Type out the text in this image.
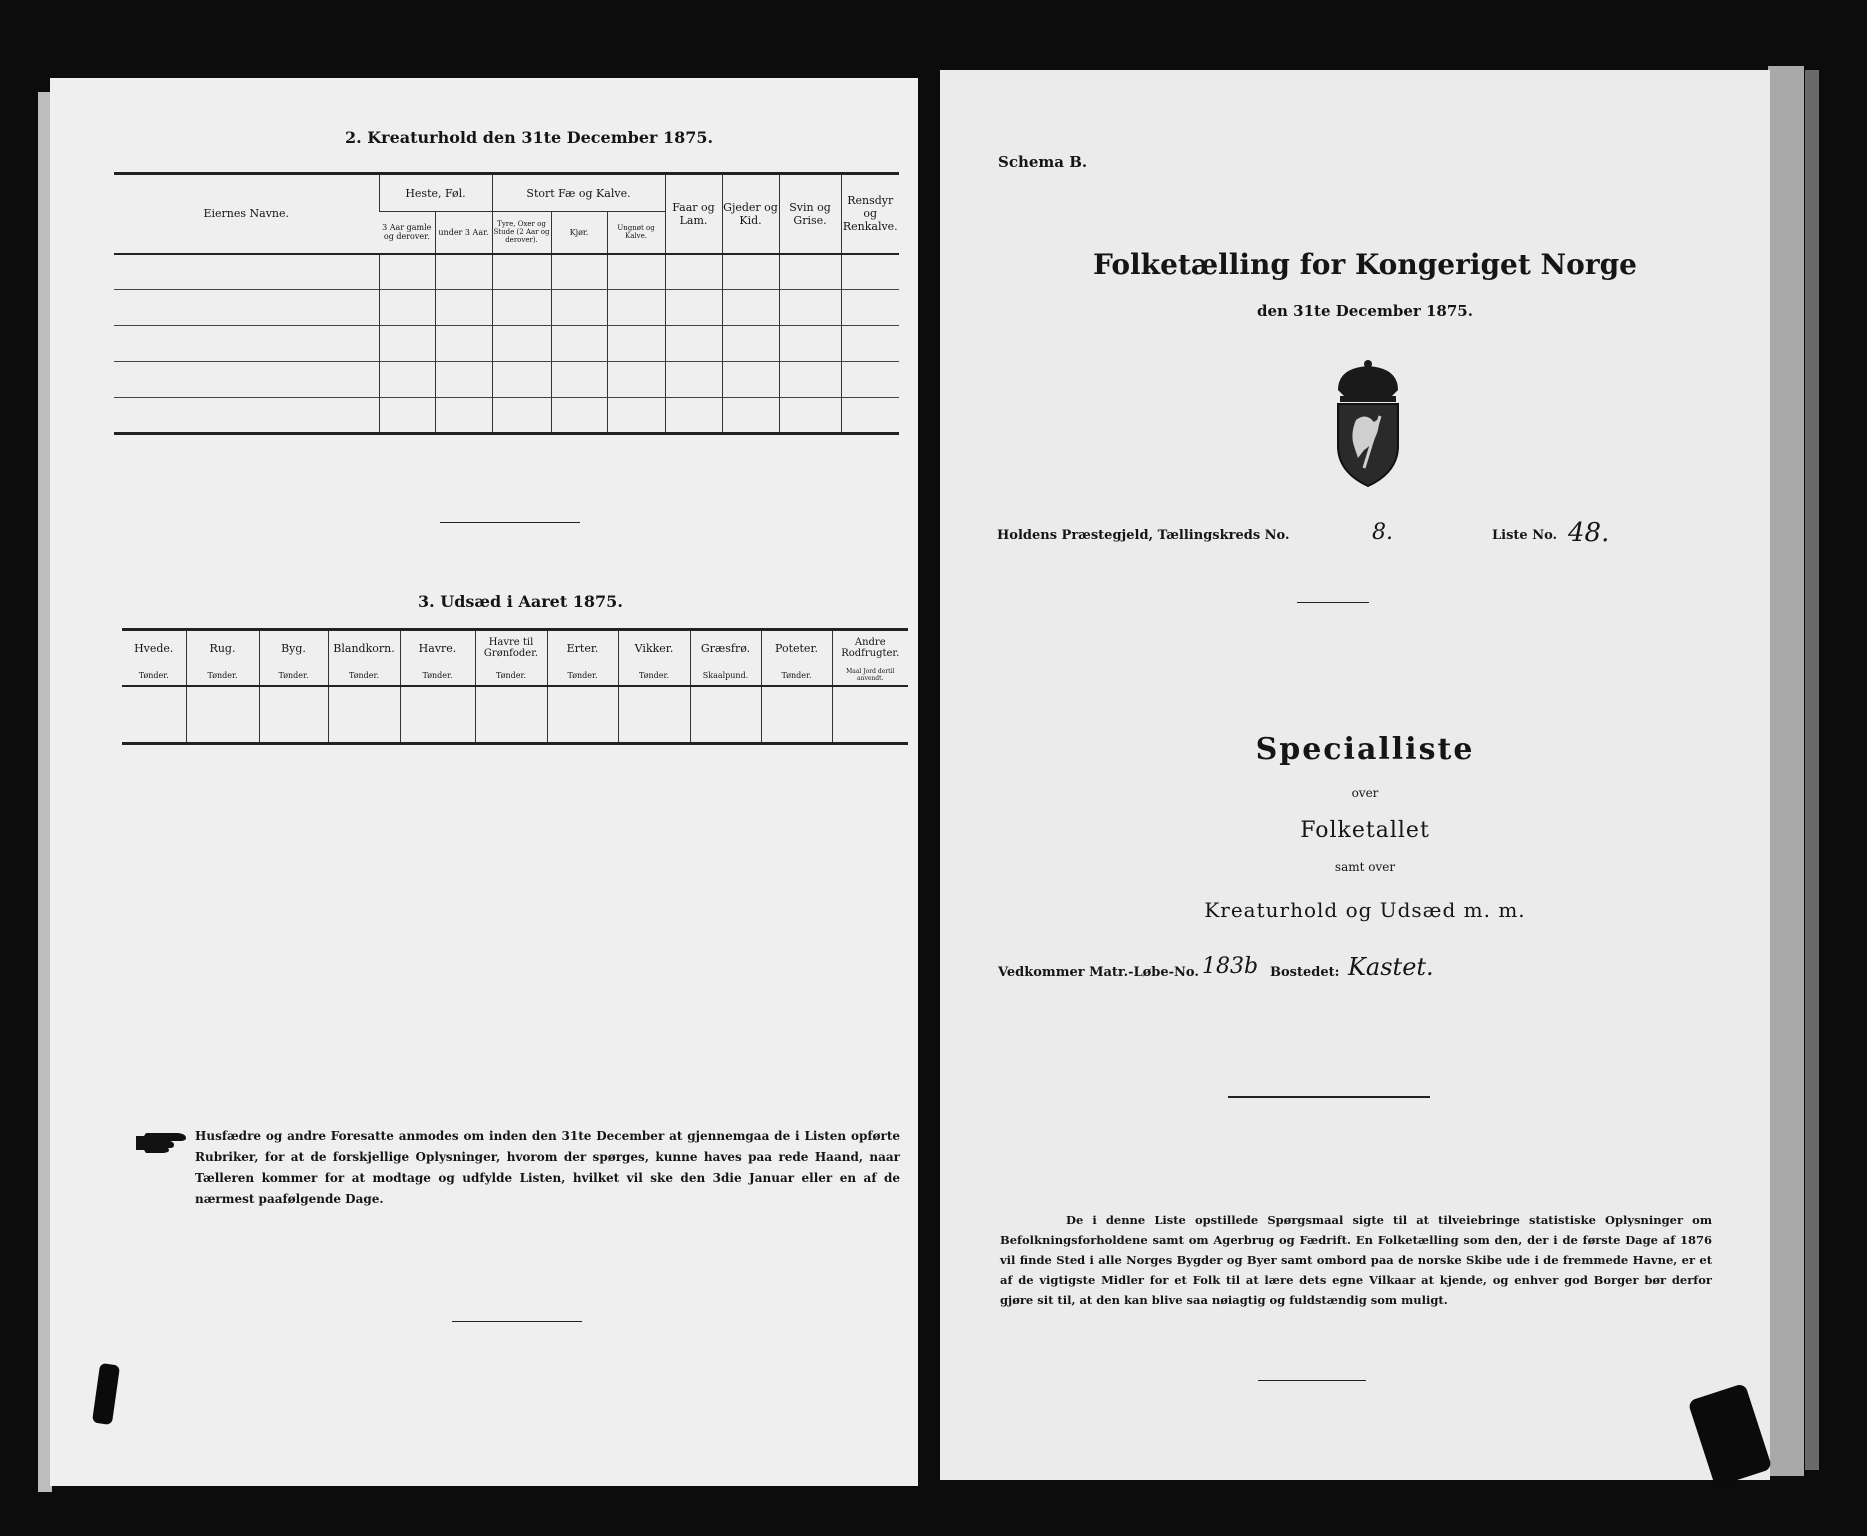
2. Kreaturhold den 31te December 1875.
Eiernes Navne.	Heste, Føl.		Stort Fæ og Kalve.			Faar og Lam.	Gjeder og Kid.	Svin og Grise.	Rensdyr og Renkalve.
	3 Aar gamle og derover.	under 3 Aar.	Tyre, Oxer og Stude (2 Aar og derover).	Kjør.	Ungnøt og Kalve.				

3. Udsæd i Aaret 1875.
Hvede.	Rug.	Byg.	Blandkorn.	Havre.	Havre til Grønfoder.	Erter.	Vikker.	Græsfrø.	Poteter.	Andre Rodfrugter.
Tønder.	Tønder.	Tønder.	Tønder.	Tønder.	Tønder.	Tønder.	Tønder.	Skaalpund.	Tønder.	Maal Jord dertil anvendt.

Husfædre og andre Foresatte anmodes om inden den 31te December at gjennemgaa de i Listen opførte Rubriker, for at de forskjellige Oplysninger, hvorom der spørges, kunne haves paa rede Haand, naar Tælleren kommer for at modtage og udfylde Listen, hvilket vil ske den 3die Januar eller en af de nærmest paafølgende Dage.
Schema B.
Folketælling for Kongeriget Norge
den 31te December 1875.
Holdens Præstegjeld, Tællingskreds No.	8.	Liste No. 48.
Specialliste
over
Folketallet
samt over
Kreaturhold og Udsæd m. m.
Vedkommer Matr.-Løbe-No. 183b Bostedet: Kastet.
De i denne Liste opstillede Spørgsmaal sigte til at tilveiebringe statistiske Oplysninger om Befolkningsforholdene samt om Agerbrug og Fædrift. En Folketælling som den, der i de første Dage af 1876 vil finde Sted i alle Norges Bygder og Byer samt ombord paa de norske Skibe ude i de fremmede Havne, er et af de vigtigste Midler for et Folk til at lære dets egne Vilkaar at kjende, og enhver god Borger bør derfor gjøre sit til, at den kan blive saa nøiagtig og fuldstændig som muligt.
